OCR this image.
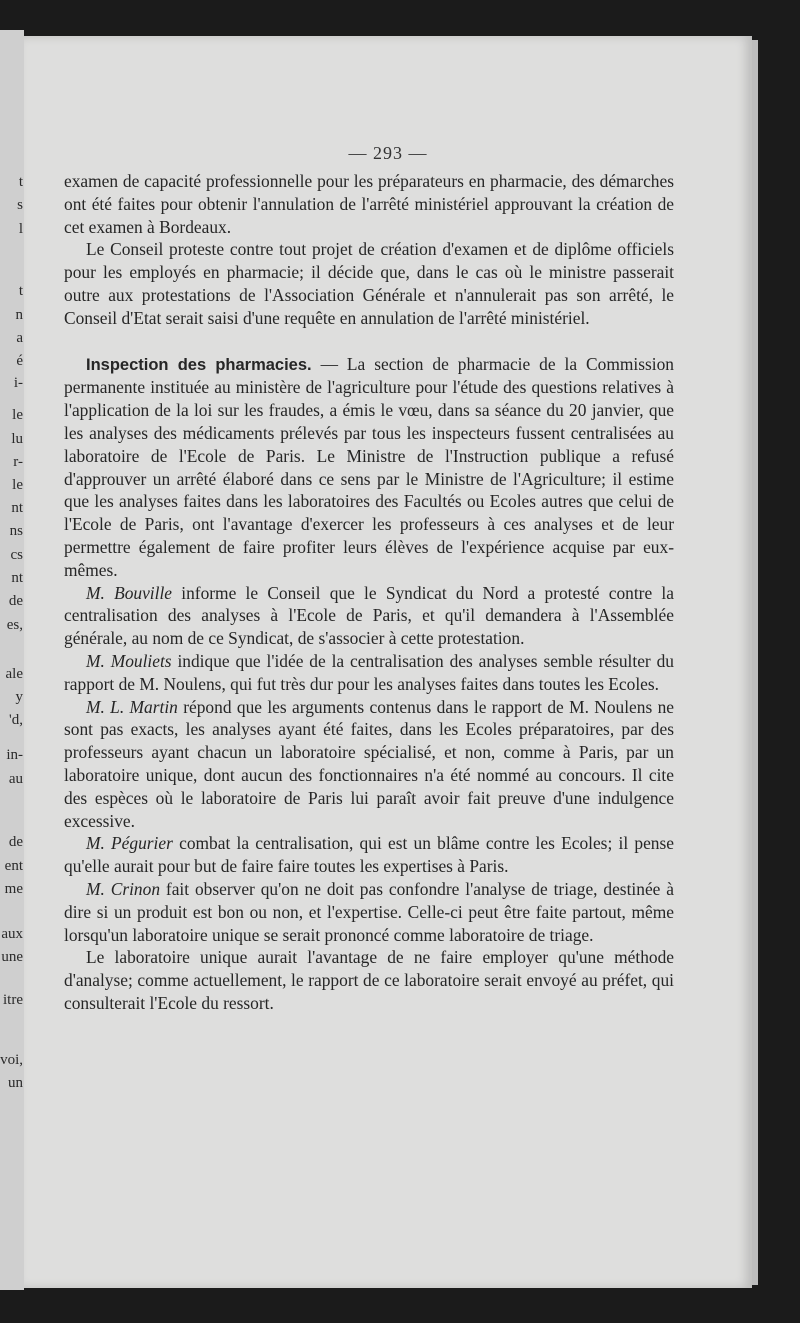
t
s
l
t
n
a
é
i-
le
lu
r-
le
nt
ns
cs
nt
de
es,
ale
y
'd,
in-
au
de
ent
me
aux
une
itre
voi,
un
— 293 —

examen de capacité professionnelle pour les préparateurs en pharmacie, des démarches ont été faites pour obtenir l'annulation de l'arrêté ministériel approuvant la création de cet examen à Bordeaux.

Le Conseil proteste contre tout projet de création d'examen et de diplôme officiels pour les employés en pharmacie; il décide que, dans le cas où le ministre passerait outre aux protestations de l'Association Générale et n'annulerait pas son arrêté, le Conseil d'Etat serait saisi d'une requête en annulation de l'arrêté ministériel.

Inspection des pharmacies. — La section de pharmacie de la Commission permanente instituée au ministère de l'agriculture pour l'étude des questions relatives à l'application de la loi sur les fraudes, a émis le vœu, dans sa séance du 20 janvier, que les analyses des médicaments prélevés par tous les inspecteurs fussent centralisées au laboratoire de l'Ecole de Paris. Le Ministre de l'Instruction publique a refusé d'approuver un arrêté élaboré dans ce sens par le Ministre de l'Agriculture; il estime que les analyses faites dans les laboratoires des Facultés ou Ecoles autres que celui de l'Ecole de Paris, ont l'avantage d'exercer les professeurs à ces analyses et de leur permettre également de faire profiter leurs élèves de l'expérience acquise par eux-mêmes.

M. Bouville informe le Conseil que le Syndicat du Nord a protesté contre la centralisation des analyses à l'Ecole de Paris, et qu'il demandera à l'Assemblée générale, au nom de ce Syndicat, de s'associer à cette protestation.

M. Mouliets indique que l'idée de la centralisation des analyses semble résulter du rapport de M. Noulens, qui fut très dur pour les analyses faites dans toutes les Ecoles.

M. L. Martin répond que les arguments contenus dans le rapport de M. Noulens ne sont pas exacts, les analyses ayant été faites, dans les Ecoles préparatoires, par des professeurs ayant chacun un laboratoire spécialisé, et non, comme à Paris, par un laboratoire unique, dont aucun des fonctionnaires n'a été nommé au concours. Il cite des espèces où le laboratoire de Paris lui paraît avoir fait preuve d'une indulgence excessive.

M. Pégurier combat la centralisation, qui est un blâme contre les Ecoles; il pense qu'elle aurait pour but de faire faire toutes les expertises à Paris.

M. Crinon fait observer qu'on ne doit pas confondre l'analyse de triage, destinée à dire si un produit est bon ou non, et l'expertise. Celle-ci peut être faite partout, même lorsqu'un laboratoire unique se serait prononcé comme laboratoire de triage.

Le laboratoire unique aurait l'avantage de ne faire employer qu'une méthode d'analyse; comme actuellement, le rapport de ce laboratoire serait envoyé au préfet, qui consulterait l'Ecole du ressort.
